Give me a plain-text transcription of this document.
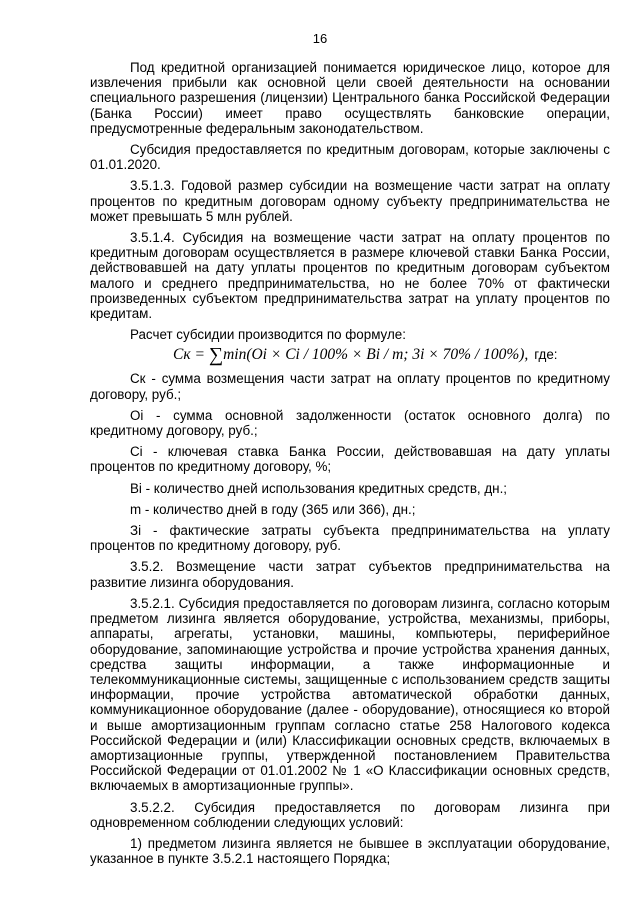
16

Под кредитной организацией понимается юридическое лицо, которое для извлечения прибыли как основной цели своей деятельности на основании специального разрешения (лицензии) Центрального банка Российской Федерации (Банка России) имеет право осуществлять банковские операции, предусмотренные федеральным законодательством.

Субсидия предоставляется по кредитным договорам, которые заключены с 01.01.2020.

3.5.1.3. Годовой размер субсидии на возмещение части затрат на оплату процентов по кредитным договорам одному субъекту предпринимательства не может превышать 5 млн рублей.

3.5.1.4. Субсидия на возмещение части затрат на оплату процентов по кредитным договорам осуществляется в размере ключевой ставки Банка России, действовавшей на дату уплаты процентов по кредитным договорам субъектом малого и среднего предпринимательства, но не более 70% от фактически произведенных субъектом предпринимательства затрат на уплату процентов по кредитам.

Расчет субсидии производится по формуле:

Ск = ∑min(Oi × Ci / 100% × Bi / m; 3i × 70% / 100%), где:

Ск - сумма возмещения части затрат на оплату процентов по кредитному договору, руб.;

Оi - сумма основной задолженности (остаток основного долга) по кредитному договору, руб.;

Сi - ключевая ставка Банка России, действовавшая на дату уплаты процентов по кредитному договору, %;

Вi - количество дней использования кредитных средств, дн.;

m - количество дней в году (365 или 366), дн.;

Зi - фактические затраты субъекта предпринимательства на уплату процентов по кредитному договору, руб.

3.5.2. Возмещение части затрат субъектов предпринимательства на развитие лизинга оборудования.

3.5.2.1. Субсидия предоставляется по договорам лизинга, согласно которым предметом лизинга является оборудование, устройства, механизмы, приборы, аппараты, агрегаты, установки, машины, компьютеры, периферийное оборудование, запоминающие устройства и прочие устройства хранения данных, средства защиты информации, а также информационные и телекоммуникационные системы, защищенные с использованием средств защиты информации, прочие устройства автоматической обработки данных, коммуникационное оборудование (далее - оборудование), относящиеся ко второй и выше амортизационным группам согласно статье 258 Налогового кодекса Российской Федерации и (или) Классификации основных средств, включаемых в амортизационные группы, утвержденной постановлением Правительства Российской Федерации от 01.01.2002 № 1 «О Классификации основных средств, включаемых в амортизационные группы».

3.5.2.2. Субсидия предоставляется по договорам лизинга при одновременном соблюдении следующих условий:

1) предметом лизинга является не бывшее в эксплуатации оборудование, указанное в пункте 3.5.2.1 настоящего Порядка;
